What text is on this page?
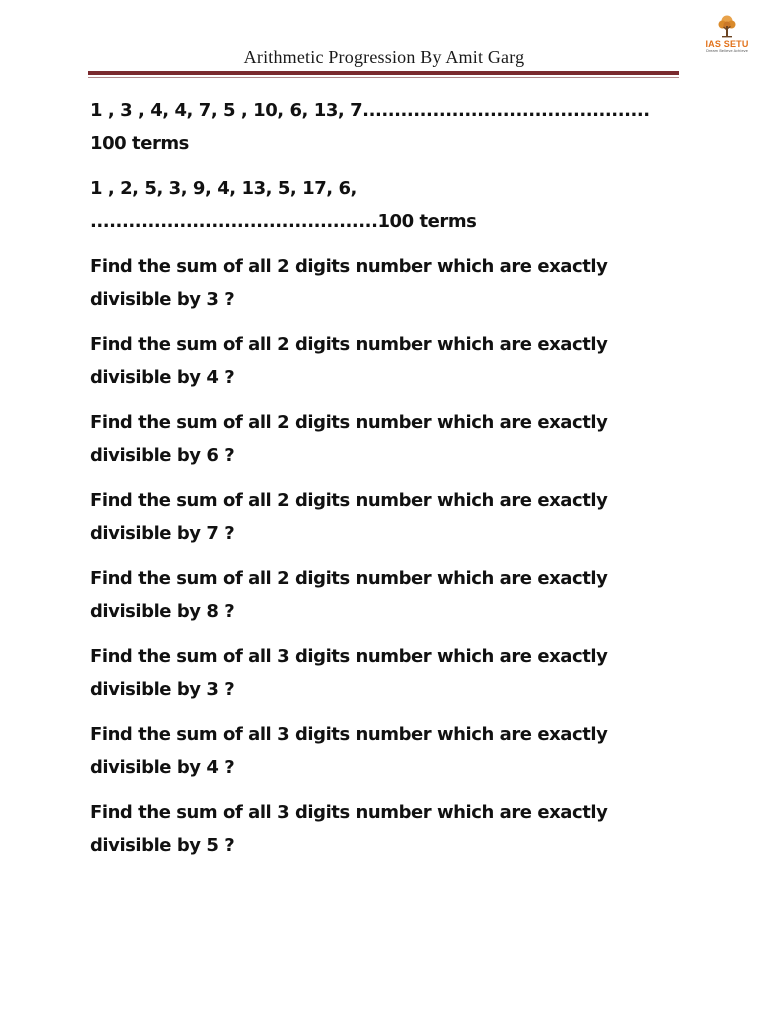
Arithmetic Progression By Amit Garg
IAS SETU
Dream Believe Achieve

1 , 3 , 4, 4, 7, 5 , 10, 6, 13, 7............................................. 100 terms

1 , 2, 5, 3, 9, 4, 13, 5, 17, 6, .............................................100 terms

Find the sum of all 2 digits number which are exactly divisible by 3 ?

Find the sum of all 2 digits number which are exactly divisible by 4 ?

Find the sum of all 2 digits number which are exactly divisible by 6 ?

Find the sum of all 2 digits number which are exactly divisible by 7 ?

Find the sum of all 2 digits number which are exactly divisible by 8 ?

Find the sum of all 3 digits number which are exactly divisible by 3 ?

Find the sum of all 3 digits number which are exactly divisible by 4 ?

Find the sum of all 3 digits number which are exactly divisible by 5 ?
